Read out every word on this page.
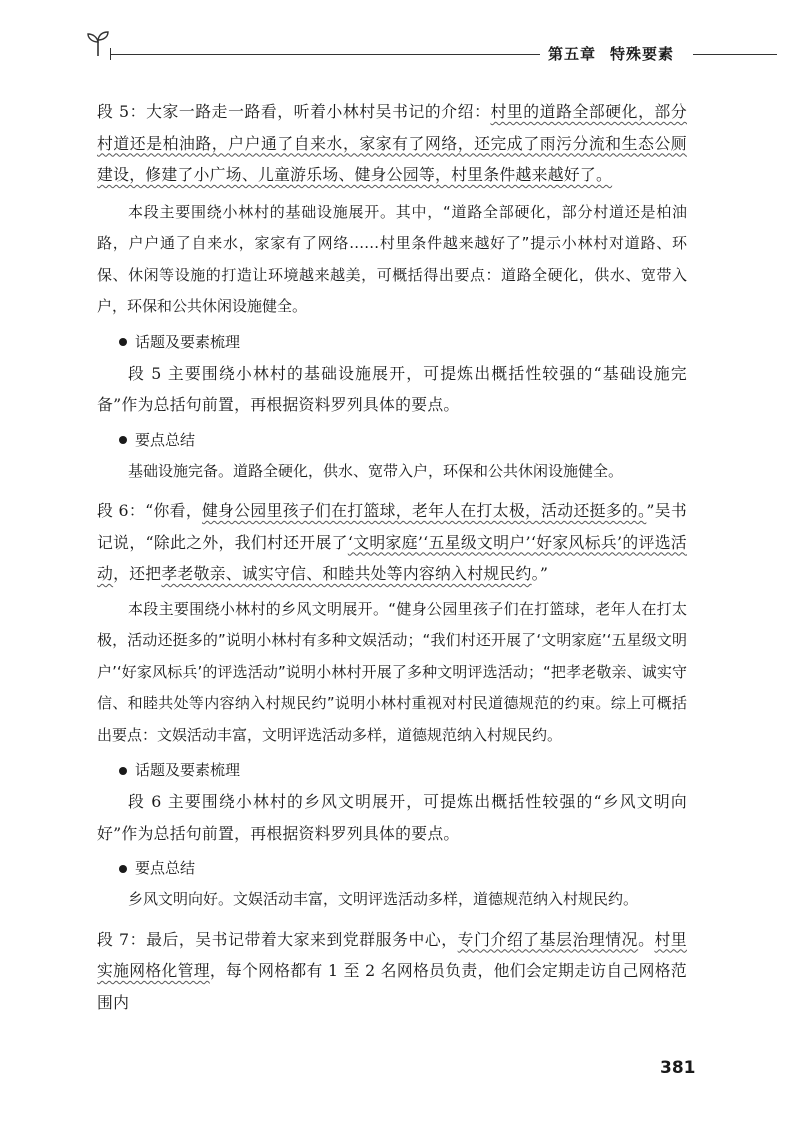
第五章 特殊要素

段 5：大家一路走一路看，听着小林村吴书记的介绍：村里的道路全部硬化，部分村道还是柏油路，户户通了自来水，家家有了网络，还完成了雨污分流和生态公厕建设，修建了小广场、儿童游乐场、健身公园等，村里条件越来越好了。

本段主要围绕小林村的基础设施展开。其中，“道路全部硬化，部分村道还是柏油路，户户通了自来水，家家有了网络……村里条件越来越好了”提示小林村对道路、环保、休闲等设施的打造让环境越来越美，可概括得出要点：道路全硬化，供水、宽带入户，环保和公共休闲设施健全。

话题及要素梳理

段 5 主要围绕小林村的基础设施展开，可提炼出概括性较强的“基础设施完备”作为总括句前置，再根据资料罗列具体的要点。

要点总结

基础设施完备。道路全硬化，供水、宽带入户，环保和公共休闲设施健全。

段 6：“你看，健身公园里孩子们在打篮球，老年人在打太极，活动还挺多的。”吴书记说，“除此之外，我们村还开展了‘文明家庭’‘五星级文明户’‘好家风标兵’的评选活动，还把孝老敬亲、诚实守信、和睦共处等内容纳入村规民约。”

本段主要围绕小林村的乡风文明展开。“健身公园里孩子们在打篮球，老年人在打太极，活动还挺多的”说明小林村有多种文娱活动；“我们村还开展了‘文明家庭’‘五星级文明户’‘好家风标兵’的评选活动”说明小林村开展了多种文明评选活动；“把孝老敬亲、诚实守信、和睦共处等内容纳入村规民约”说明小林村重视对村民道德规范的约束。综上可概括出要点：文娱活动丰富，文明评选活动多样，道德规范纳入村规民约。

话题及要素梳理

段 6 主要围绕小林村的乡风文明展开，可提炼出概括性较强的“乡风文明向好”作为总括句前置，再根据资料罗列具体的要点。

要点总结

乡风文明向好。文娱活动丰富，文明评选活动多样，道德规范纳入村规民约。

段 7：最后，吴书记带着大家来到党群服务中心，专门介绍了基层治理情况。村里实施网格化管理，每个网格都有 1 至 2 名网格员负责，他们会定期走访自己网格范围内

381
